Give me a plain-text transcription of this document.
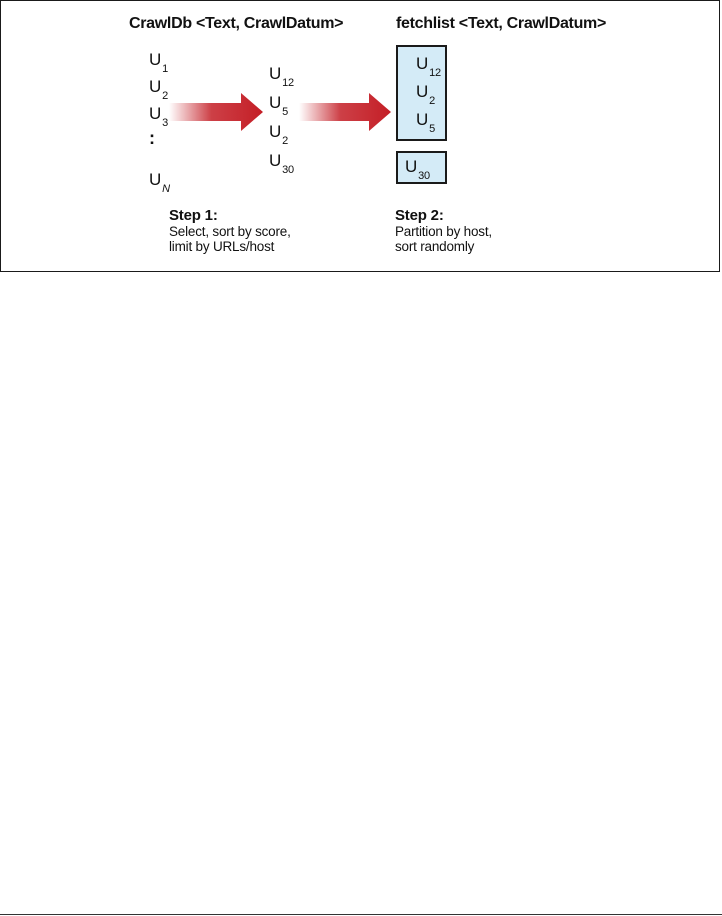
CrawlDb <Text, CrawlDatum>	fetchlist <Text, CrawlDatum>
$U_1$
$U_2$
$U_3$
:
$U_N$
$U_{12}$
$U_5$
$U_2$
$U_{30}$
$U_{12}$
$U_2$
$U_5$
$U_{30}$
Step 1:
Select, sort by score,
limit by URLs/host
Step 2:
Partition by host,
sort randomly
